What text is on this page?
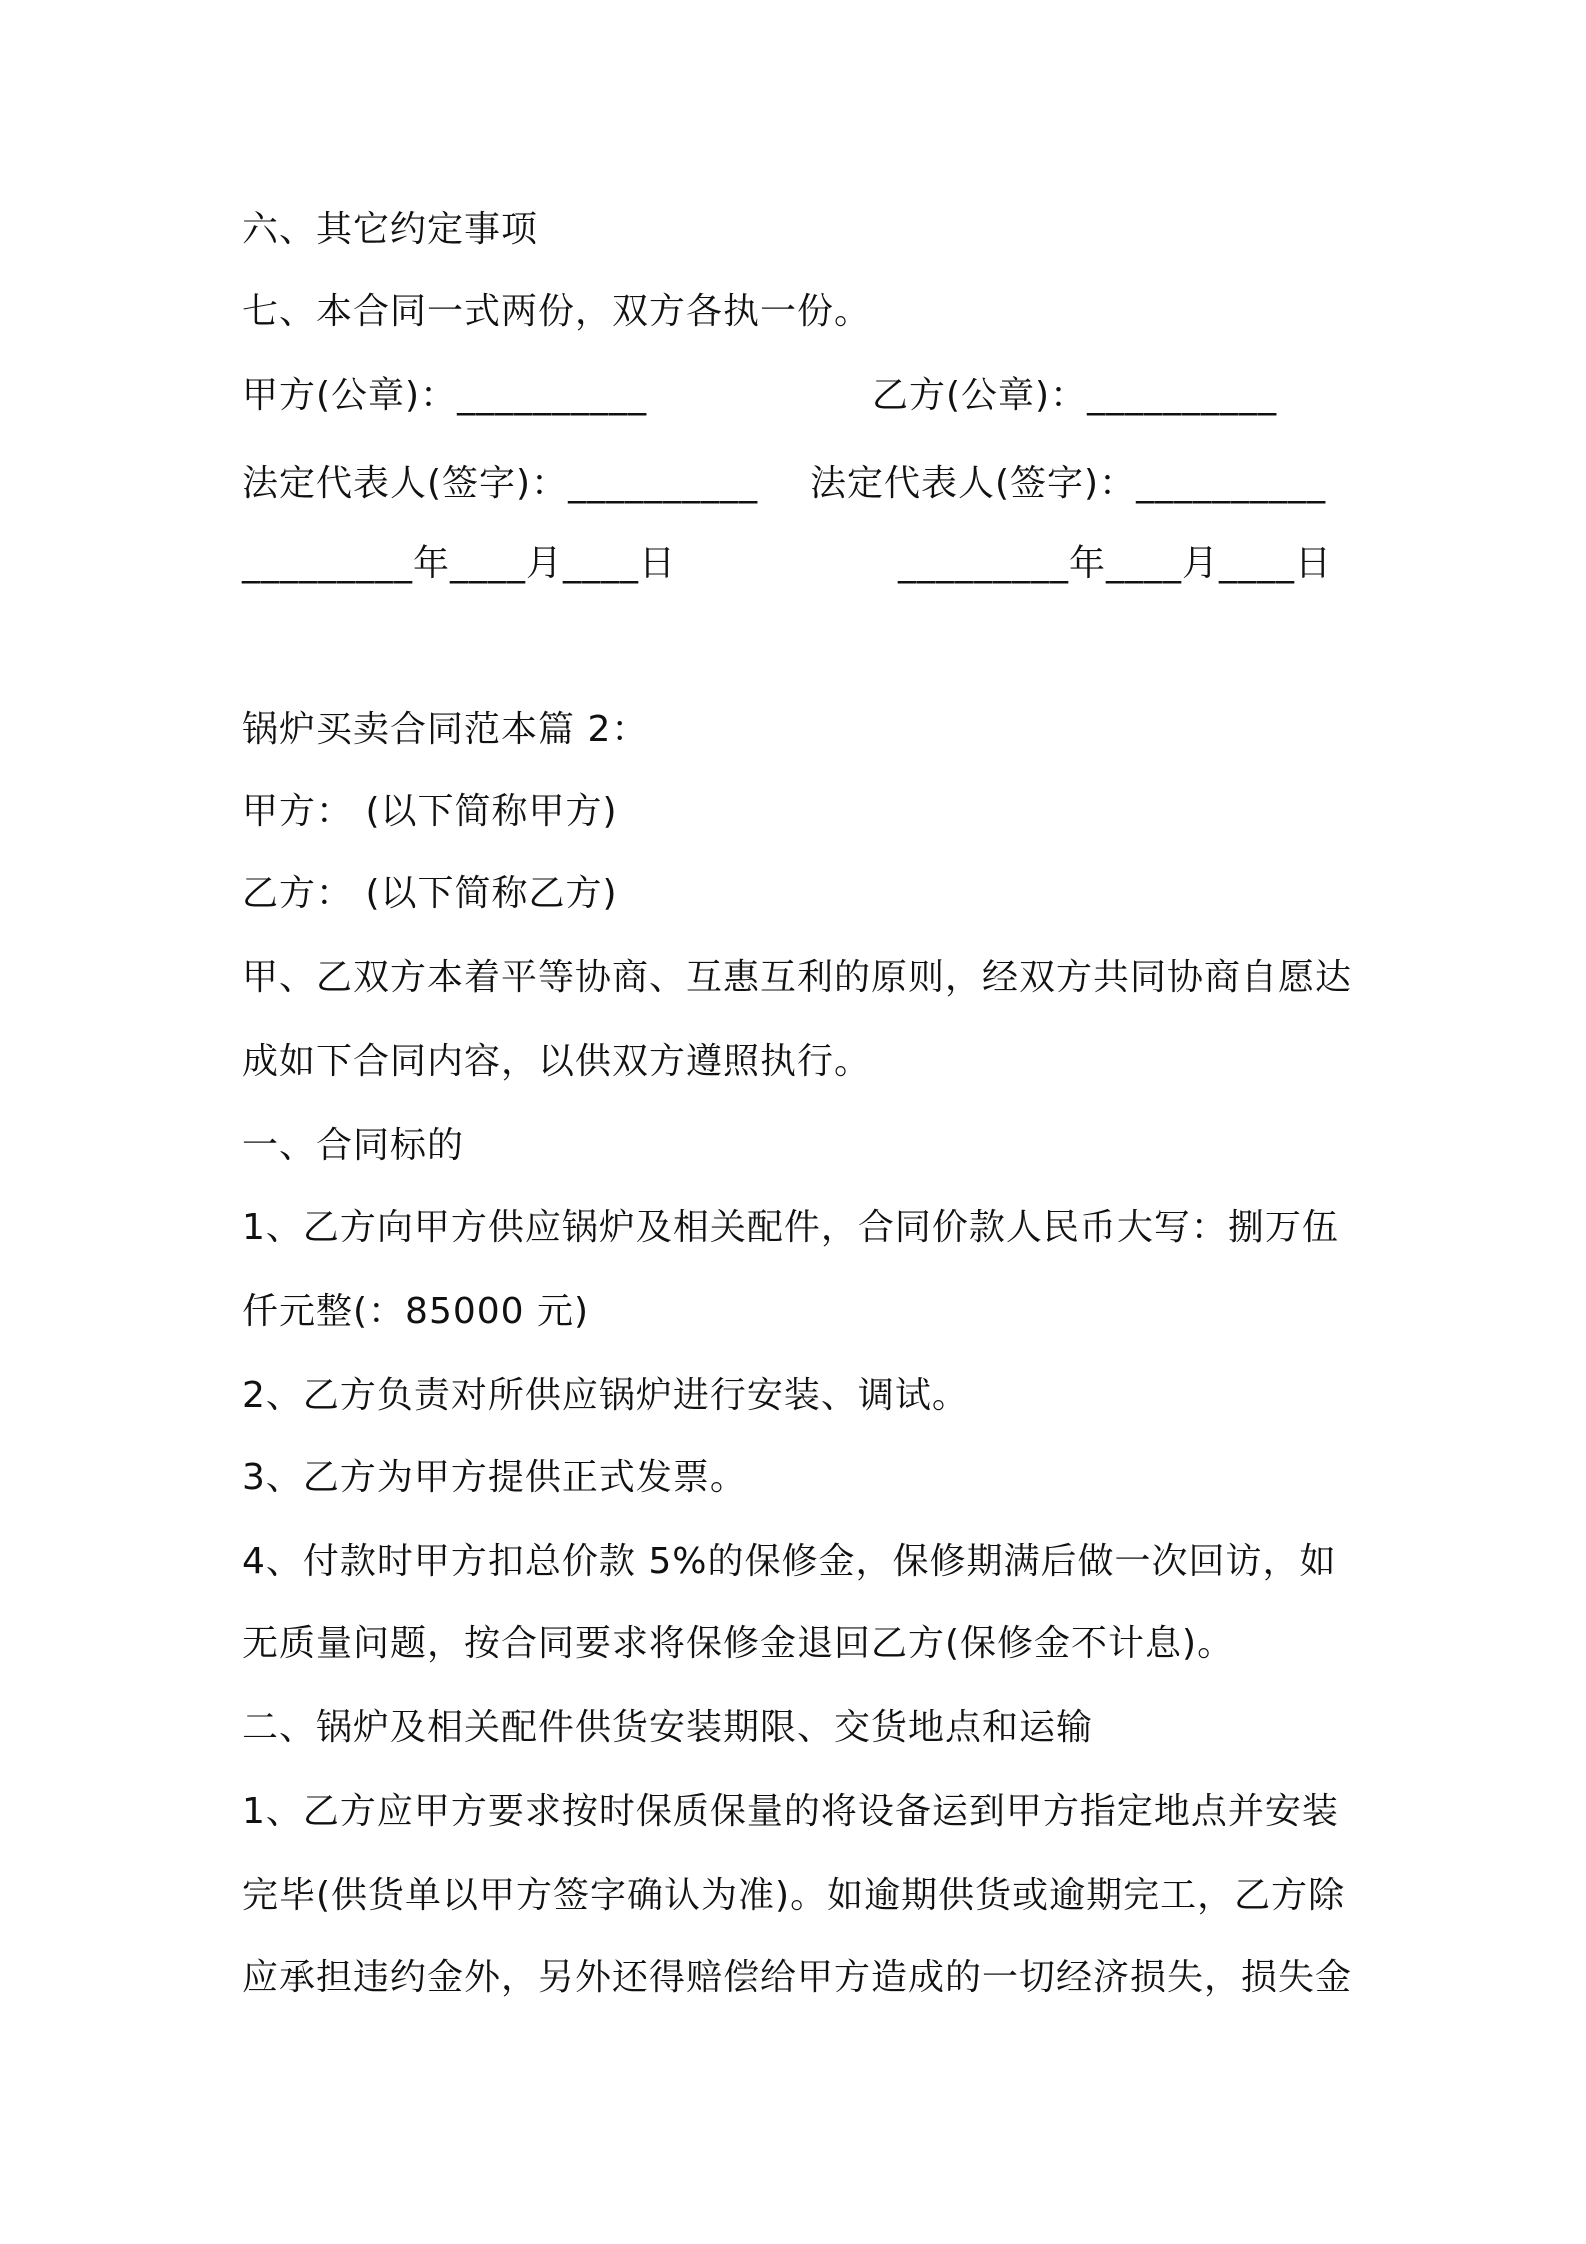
六、其它约定事项
七、本合同一式两份，双方各执一份。
甲方(公章)：__________	乙方(公章)：__________
法定代表人(签字)：__________ 法定代表人(签字)：__________
_________年____月____日	_________年____月____日
锅炉买卖合同范本篇 2：
甲方： (以下简称甲方)
乙方： (以下简称乙方)
甲、乙双方本着平等协商、互惠互利的原则，经双方共同协商自愿达
成如下合同内容，以供双方遵照执行。
一、合同标的
1、乙方向甲方供应锅炉及相关配件，合同价款人民币大写：捌万伍
仟元整(：85000 元)
2、乙方负责对所供应锅炉进行安装、调试。
3、乙方为甲方提供正式发票。
4、付款时甲方扣总价款 5%的保修金，保修期满后做一次回访，如
无质量问题，按合同要求将保修金退回乙方(保修金不计息)。
二、锅炉及相关配件供货安装期限、交货地点和运输
1、乙方应甲方要求按时保质保量的将设备运到甲方指定地点并安装
完毕(供货单以甲方签字确认为准)。如逾期供货或逾期完工，乙方除
应承担违约金外，另外还得赔偿给甲方造成的一切经济损失，损失金
